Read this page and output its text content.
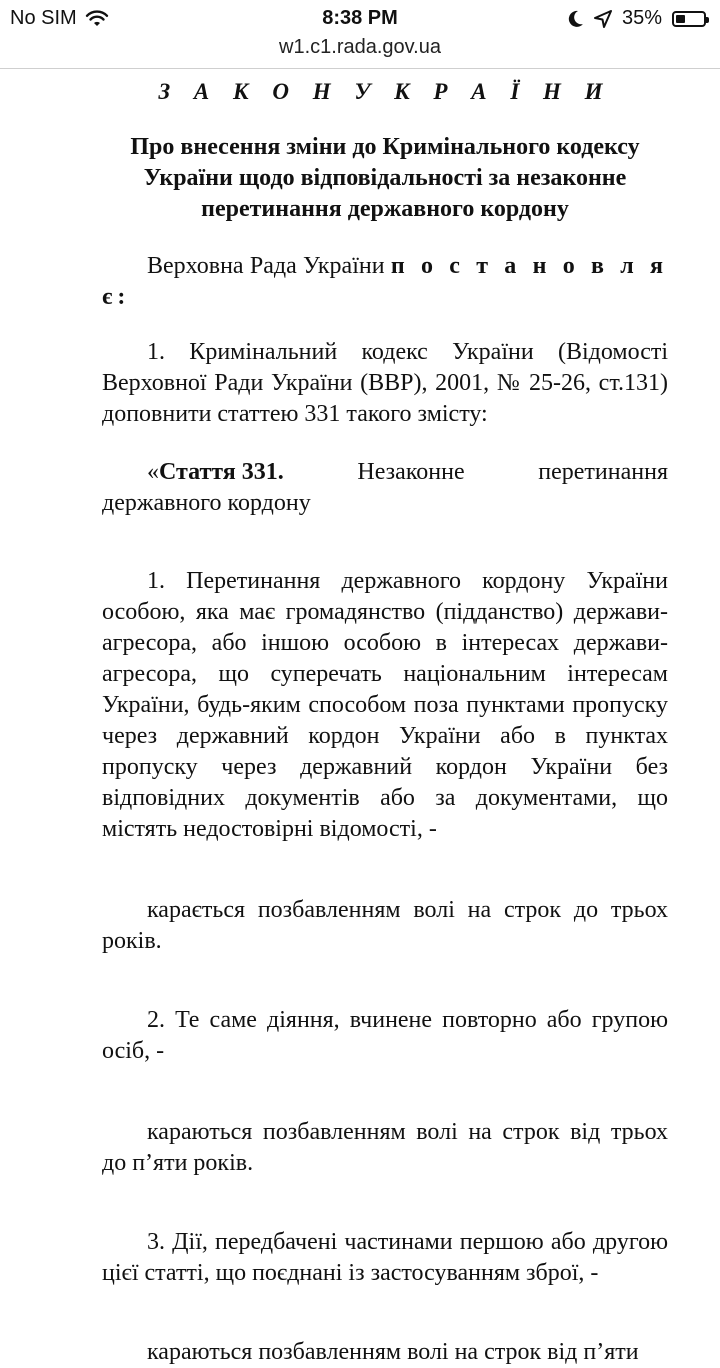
No SIM	8:38 PM	35%
w1.c1.rada.gov.ua
З А К О Н У К Р А Ї Н И
Про внесення зміни до Кримінального кодексу
України щодо відповідальності за незаконне
перетинання державного кордону

Верховна Рада України п о с т а н о в л я є:

1. Кримінальний кодекс України (Відомості Верховної Ради України (ВВР), 2001, № 25-26, ст.131) доповнити статтею 331 такого змісту:

«Стаття 331.	Незаконне	перетинання
державного кордону

1. Перетинання державного кордону України особою, яка має громадянство (підданство) держави-агресора, або іншою особою в інтересах держави-агресора, що суперечать національним інтересам України, будь-яким способом поза пунктами пропуску через державний кордон України або в пунктах пропуску через державний кордон України без відповідних документів або за документами, що містять недостовірні відомості, -

карається позбавленням волі на строк до трьох років.

2. Те саме діяння, вчинене повторно або групою осіб, -

караються позбавленням волі на строк від трьох до п’яти років.

3. Дії, передбачені частинами першою або другою цієї статті, що поєднані із застосуванням зброї, -

караються позбавленням волі на строк від п’яти
